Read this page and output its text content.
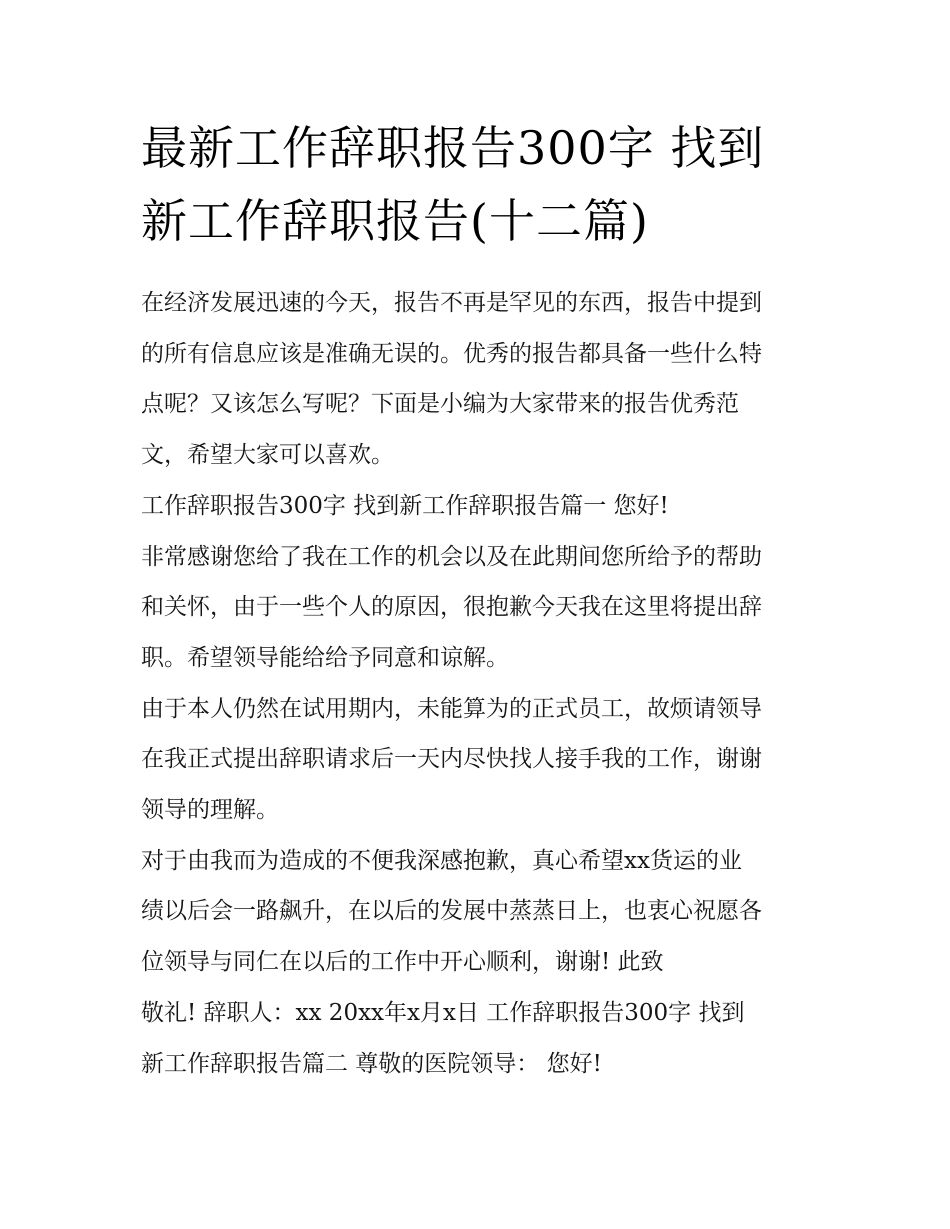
最新工作辞职报告300字 找到
新工作辞职报告(十二篇)

在经济发展迅速的今天，报告不再是罕见的东西，报告中提到
的所有信息应该是准确无误的。优秀的报告都具备一些什么特
点呢？又该怎么写呢？下面是小编为大家带来的报告优秀范
文，希望大家可以喜欢。

工作辞职报告300字 找到新工作辞职报告篇一 您好!

非常感谢您给了我在工作的机会以及在此期间您所给予的帮助
和关怀，由于一些个人的原因，很抱歉今天我在这里将提出辞
职。希望领导能给给予同意和谅解。

由于本人仍然在试用期内，未能算为的正式员工，故烦请领导
在我正式提出辞职请求后一天内尽快找人接手我的工作，谢谢
领导的理解。

对于由我而为造成的不便我深感抱歉，真心希望xx货运的业
绩以后会一路飙升，在以后的发展中蒸蒸日上，也衷心祝愿各
位领导与同仁在以后的工作中开心顺利，谢谢! 此致
敬礼! 辞职人：xx 20xx年x月x日 工作辞职报告300字 找到
新工作辞职报告篇二 尊敬的医院领导： 您好!
